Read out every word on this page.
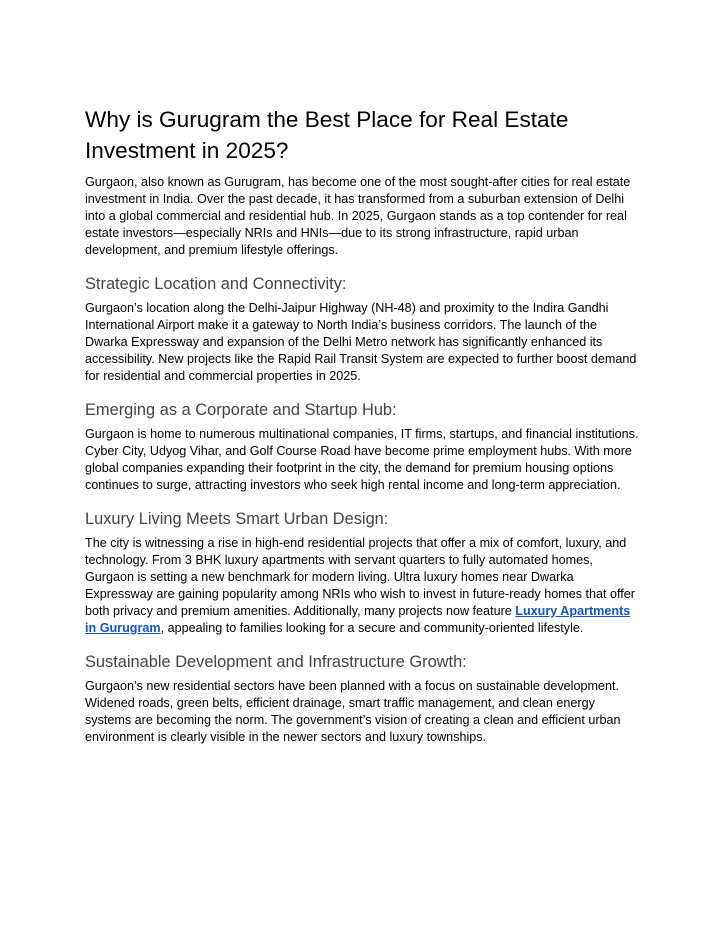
Why is Gurugram the Best Place for Real Estate Investment in 2025?

Gurgaon, also known as Gurugram, has become one of the most sought-after cities for real estate investment in India. Over the past decade, it has transformed from a suburban extension of Delhi into a global commercial and residential hub. In 2025, Gurgaon stands as a top contender for real estate investors—especially NRIs and HNIs—due to its strong infrastructure, rapid urban development, and premium lifestyle offerings.

Strategic Location and Connectivity:

Gurgaon’s location along the Delhi-Jaipur Highway (NH-48) and proximity to the Indira Gandhi International Airport make it a gateway to North India’s business corridors. The launch of the Dwarka Expressway and expansion of the Delhi Metro network has significantly enhanced its accessibility. New projects like the Rapid Rail Transit System are expected to further boost demand for residential and commercial properties in 2025.

Emerging as a Corporate and Startup Hub:

Gurgaon is home to numerous multinational companies, IT firms, startups, and financial institutions. Cyber City, Udyog Vihar, and Golf Course Road have become prime employment hubs. With more global companies expanding their footprint in the city, the demand for premium housing options continues to surge, attracting investors who seek high rental income and long-term appreciation.

Luxury Living Meets Smart Urban Design:

The city is witnessing a rise in high-end residential projects that offer a mix of comfort, luxury, and technology. From 3 BHK luxury apartments with servant quarters to fully automated homes, Gurgaon is setting a new benchmark for modern living. Ultra luxury homes near Dwarka Expressway are gaining popularity among NRIs who wish to invest in future-ready homes that offer both privacy and premium amenities. Additionally, many projects now feature Luxury Apartments in Gurugram, appealing to families looking for a secure and community-oriented lifestyle.

Sustainable Development and Infrastructure Growth:

Gurgaon’s new residential sectors have been planned with a focus on sustainable development. Widened roads, green belts, efficient drainage, smart traffic management, and clean energy systems are becoming the norm. The government’s vision of creating a clean and efficient urban environment is clearly visible in the newer sectors and luxury townships.
